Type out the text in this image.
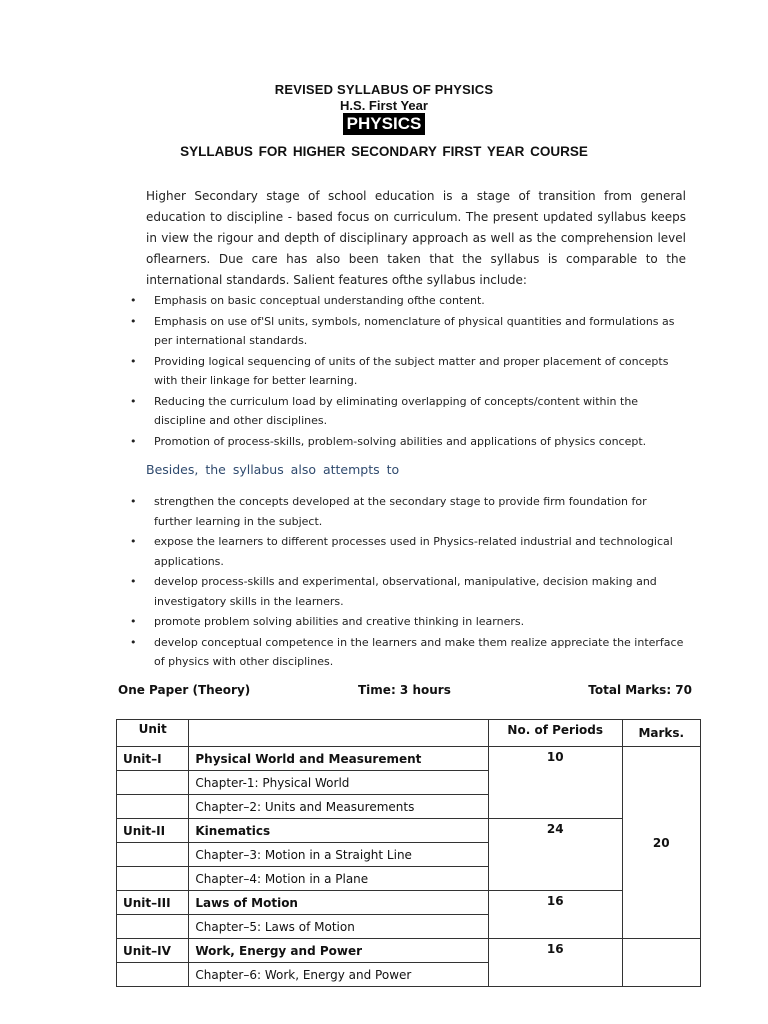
REVISED SYLLABUS OF PHYSICS
H.S. First Year
PHYSICS
SYLLABUS FOR HIGHER SECONDARY FIRST YEAR COURSE

Higher Secondary stage of school education is a stage of transition from general education to discipline - based focus on curriculum. The present updated syllabus keeps in view the rigour and depth of disciplinary approach as well as the comprehension level oflearners. Due care has also been taken that the syllabus is comparable to the international standards. Salient features ofthe syllabus include:

• Emphasis on basic conceptual understanding ofthe content.
• Emphasis on use of'Sl units, symbols, nomenclature of physical quantities and formulations as per international standards.
• Providing logical sequencing of units of the subject matter and proper placement of concepts with their linkage for better learning.
• Reducing the curriculum load by eliminating overlapping of concepts/content within the discipline and other disciplines.
• Promotion of process-skills, problem-solving abilities and applications of physics concept.
Besides, the syllabus also attempts to
• strengthen the concepts developed at the secondary stage to provide firm foundation for further learning in the subject.
• expose the learners to different processes used in Physics-related industrial and technological applications.
• develop process-skills and experimental, observational, manipulative, decision making and investigatory skills in the learners.
• promote problem solving abilities and creative thinking in learners.
• develop conceptual competence in the learners and make them realize appreciate the interface of physics with other disciplines.
One Paper (Theory)	Time: 3 hours	Total Marks: 70
Unit		No. of Periods	Marks.
Unit–I	Physical World and Measurement	10	20
	Chapter-1: Physical World		
	Chapter–2: Units and Measurements		
Unit-II	Kinematics	24	
	Chapter–3: Motion in a Straight Line		
	Chapter–4: Motion in a Plane		
Unit–III	Laws of Motion	16	
	Chapter–5: Laws of Motion		
Unit–IV	Work, Energy and Power	16	
	Chapter–6: Work, Energy and Power		
